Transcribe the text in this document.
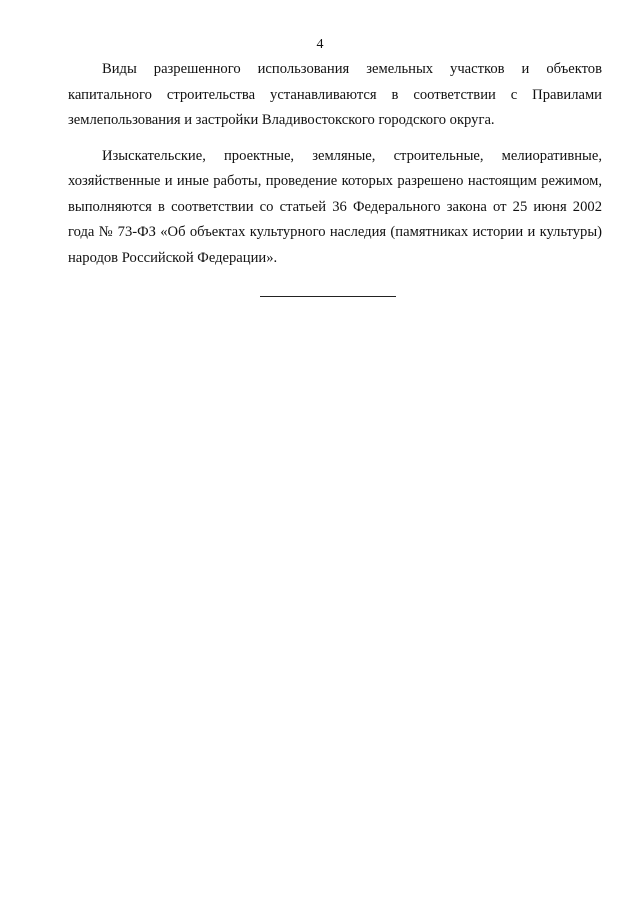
4

Виды разрешенного использования земельных участков и объектов капитального строительства устанавливаются в соответствии с Правилами землепользования и застройки Владивостокского городского округа.

Изыскательские, проектные, земляные, строительные, мелиоративные, хозяйственные и иные работы, проведение которых разрешено настоящим режимом, выполняются в соответствии со статьей 36 Федерального закона от 25 июня 2002 года № 73-ФЗ «Об объектах культурного наследия (памятниках истории и культуры) народов Российской Федерации».
